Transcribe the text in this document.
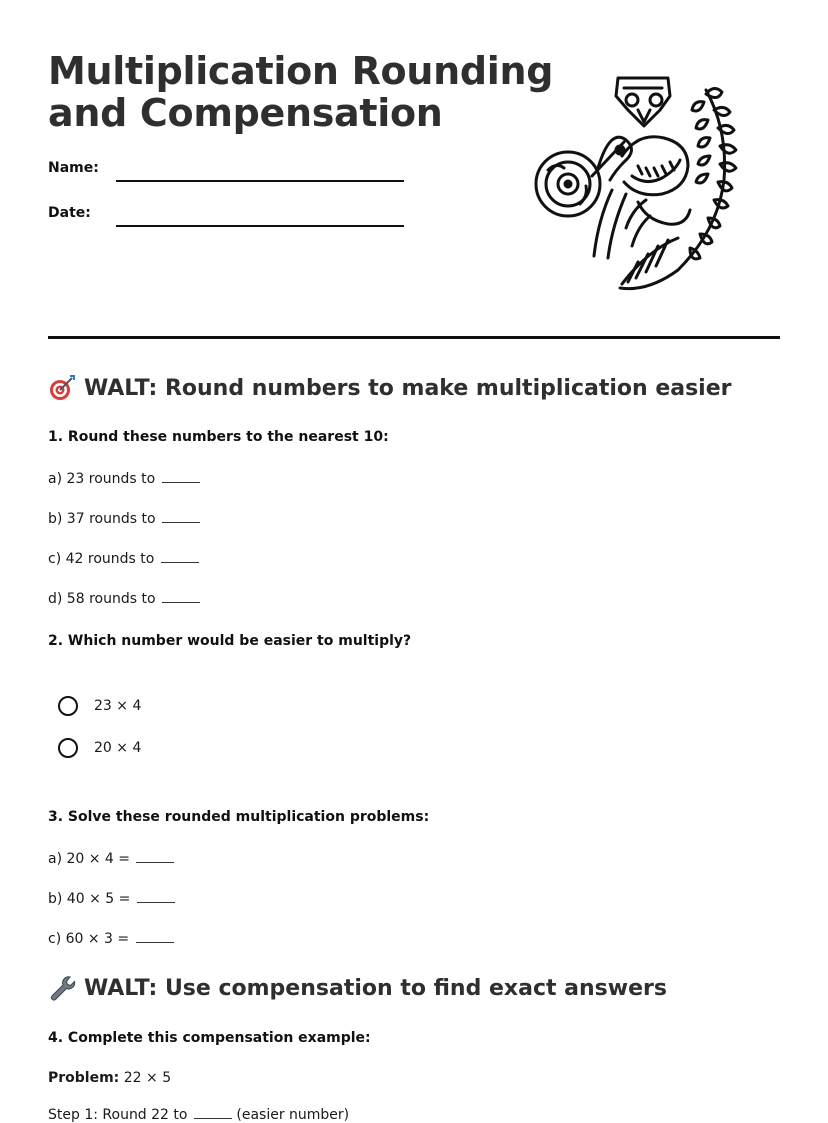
Multiplication Rounding
and Compensation
Name:
Date:
WALT: Round numbers to make multiplication easier
1. Round these numbers to the nearest 10:
a) 23 rounds to
b) 37 rounds to
c) 42 rounds to
d) 58 rounds to
2. Which number would be easier to multiply?
23 × 4
20 × 4
3. Solve these rounded multiplication problems:
a) 20 × 4 =
b) 40 × 5 =
c) 60 × 3 =
WALT: Use compensation to find exact answers
4. Complete this compensation example:
Problem: 22 × 5
Step 1: Round 22 to	(easier number)
